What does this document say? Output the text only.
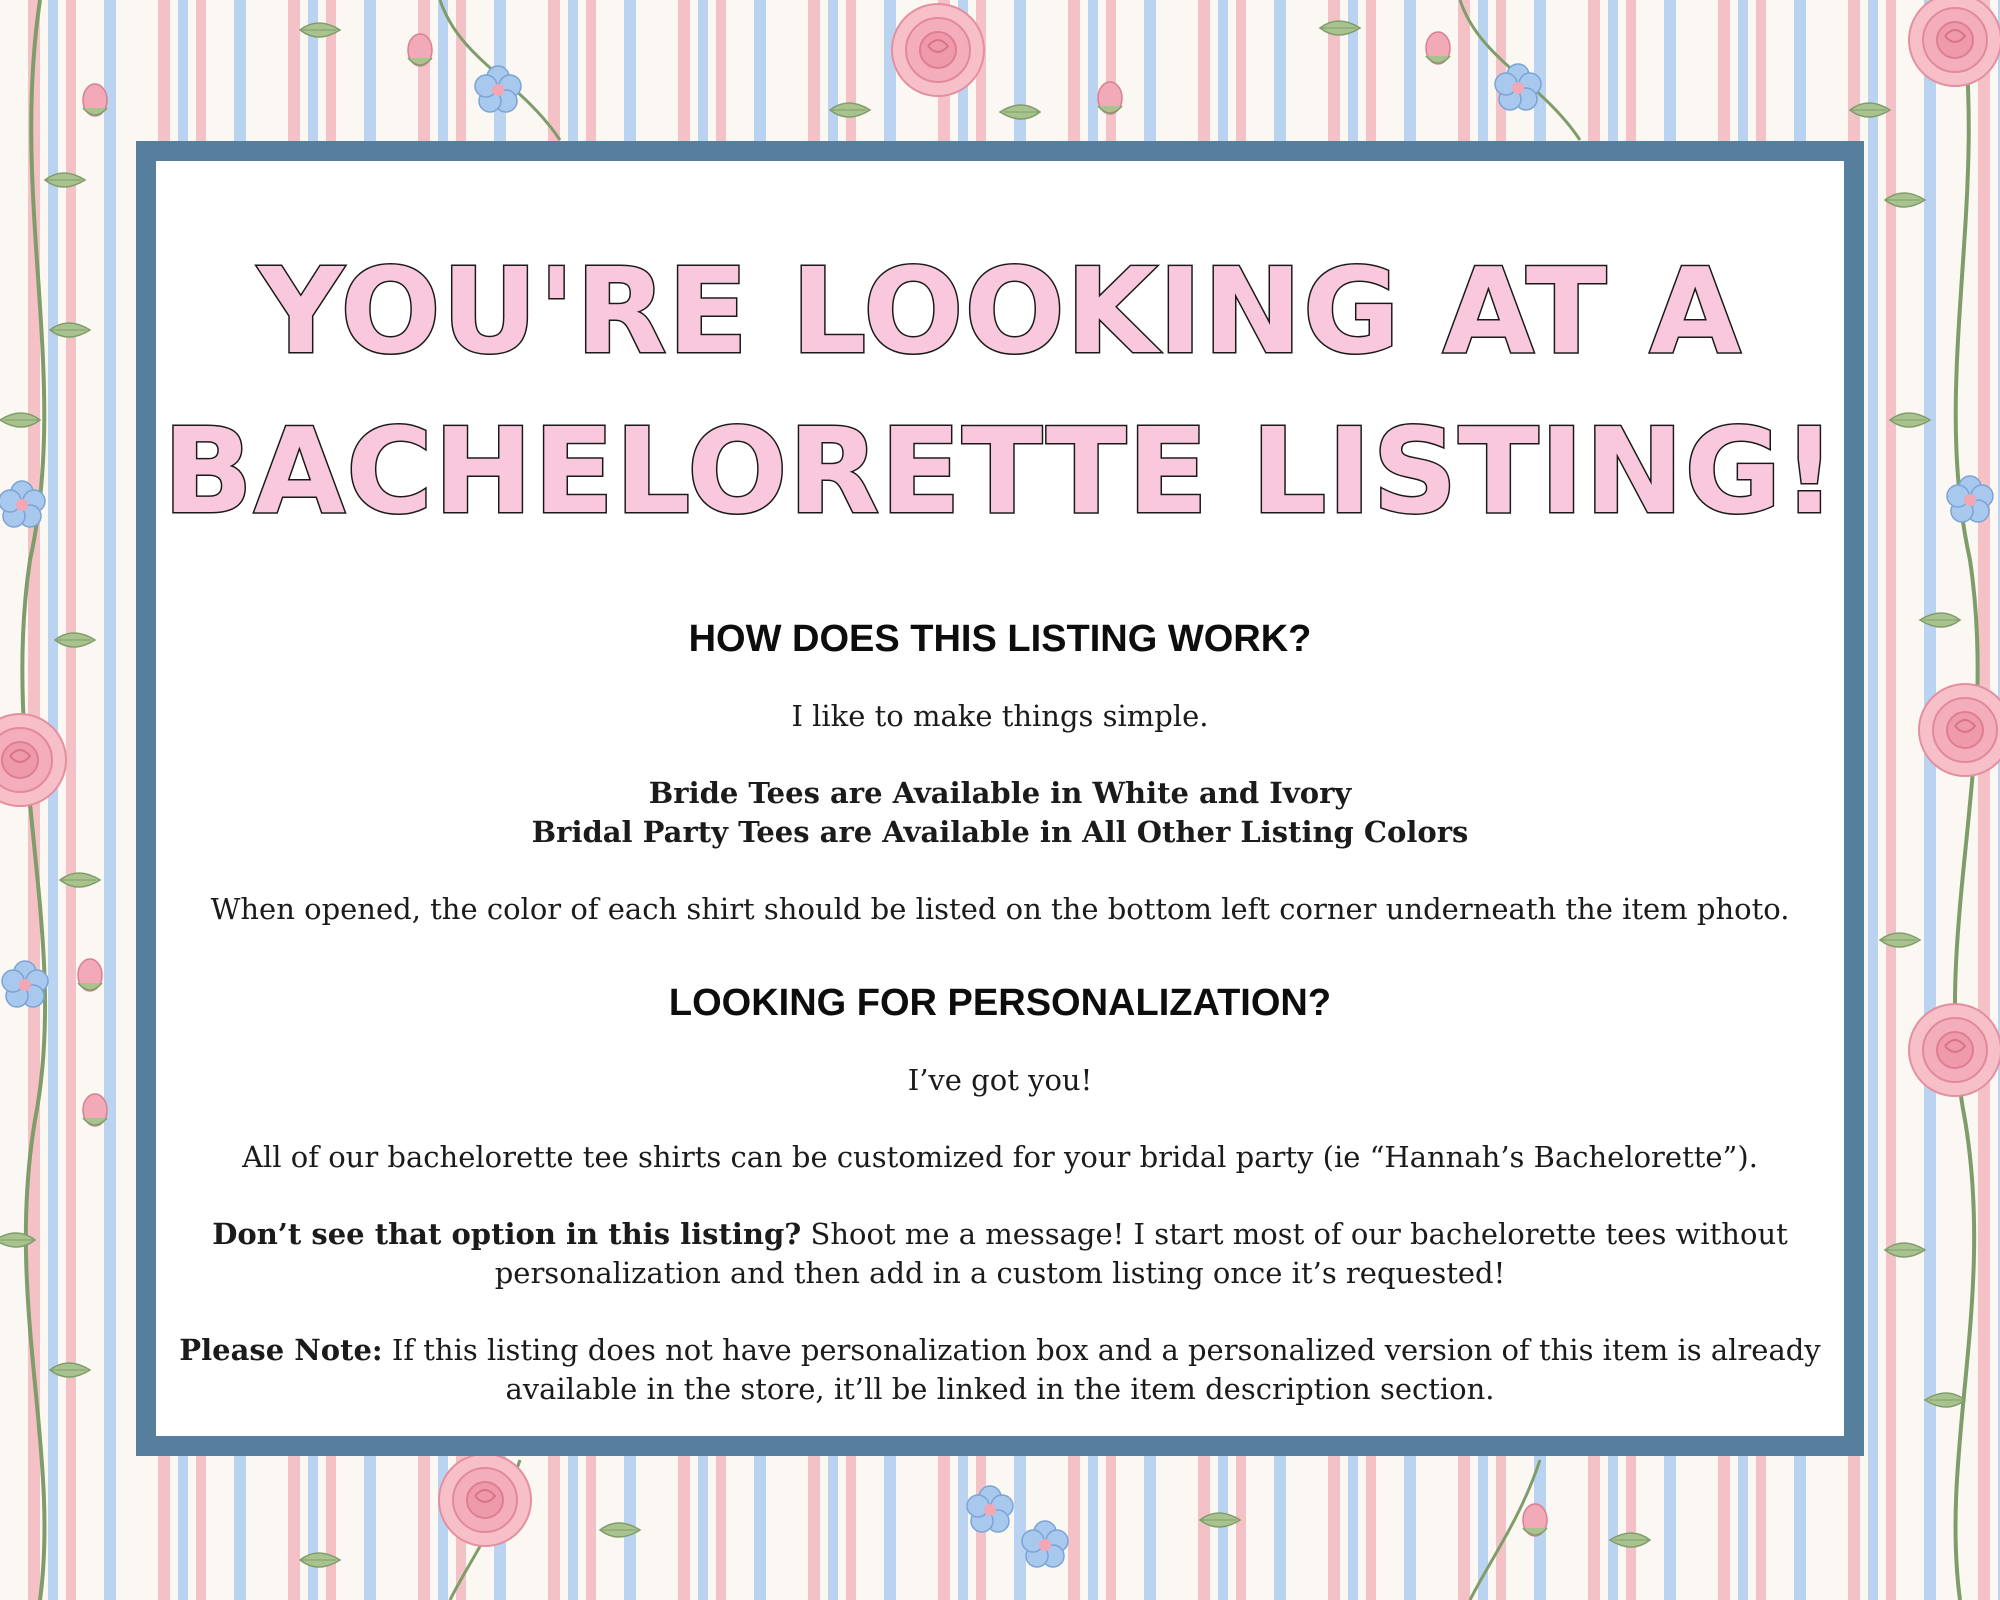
YOU'RE LOOKING AT A
BACHELORETTE LISTING!
HOW DOES THIS LISTING WORK?

I like to make things simple.

Bride Tees are Available in White and Ivory
Bridal Party Tees are Available in All Other Listing Colors

When opened, the color of each shirt should be listed on the bottom left corner underneath the item photo.

LOOKING FOR PERSONALIZATION?

I’ve got you!

All of our bachelorette tee shirts can be customized for your bridal party (ie “Hannah’s Bachelorette”).

Don’t see that option in this listing? Shoot me a message! I start most of our bachelorette tees without
personalization and then add in a custom listing once it’s requested!

Please Note: If this listing does not have personalization box and a personalized version of this item is already
available in the store, it’ll be linked in the item description section.
